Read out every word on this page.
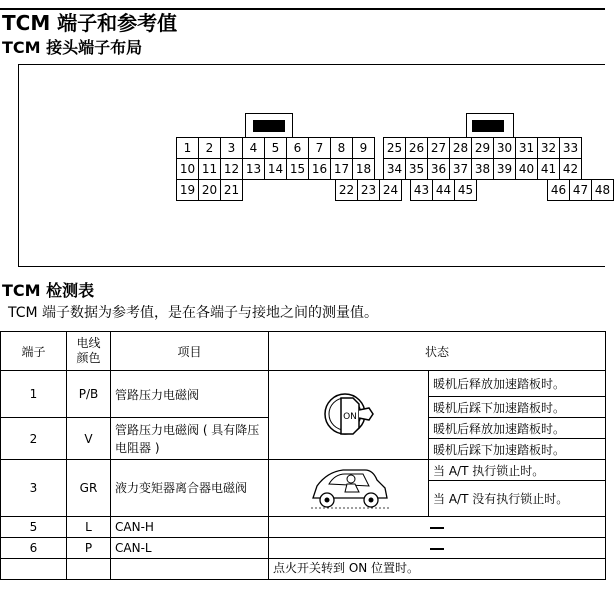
TCM 端子和参考值
TCM 接头端子布局
1	2	3	4	5	6	7	8	9	25 26 27 28 29 30 31 32 33
10 11 12 13 14 15 16 17 18	34 35 36 37 38 39 40 41 42
19 20 21	22 23 24	43 44 45	46 47 48
TCM 检测表
TCM 端子数据为参考值，是在各端子与接地之间的测量值。
端子	电线颜色	项目	状态	
1	P/B	管路压力电磁阀	ON	暖机后释放加速踏板时。
				暖机后踩下加速踏板时。
2	V	管路压力电磁阀 ( 具有降压电阻器 )		暖机后释放加速踏板时。
				暖机后踩下加速踏板时。
3	GR	液力变矩器离合器电磁阀		当 A/T 执行锁止时。
				当 A/T 没有执行锁止时。
5	L	CAN-H		
6	P	CAN-L		
			点火开关转到 ON 位置时。	
